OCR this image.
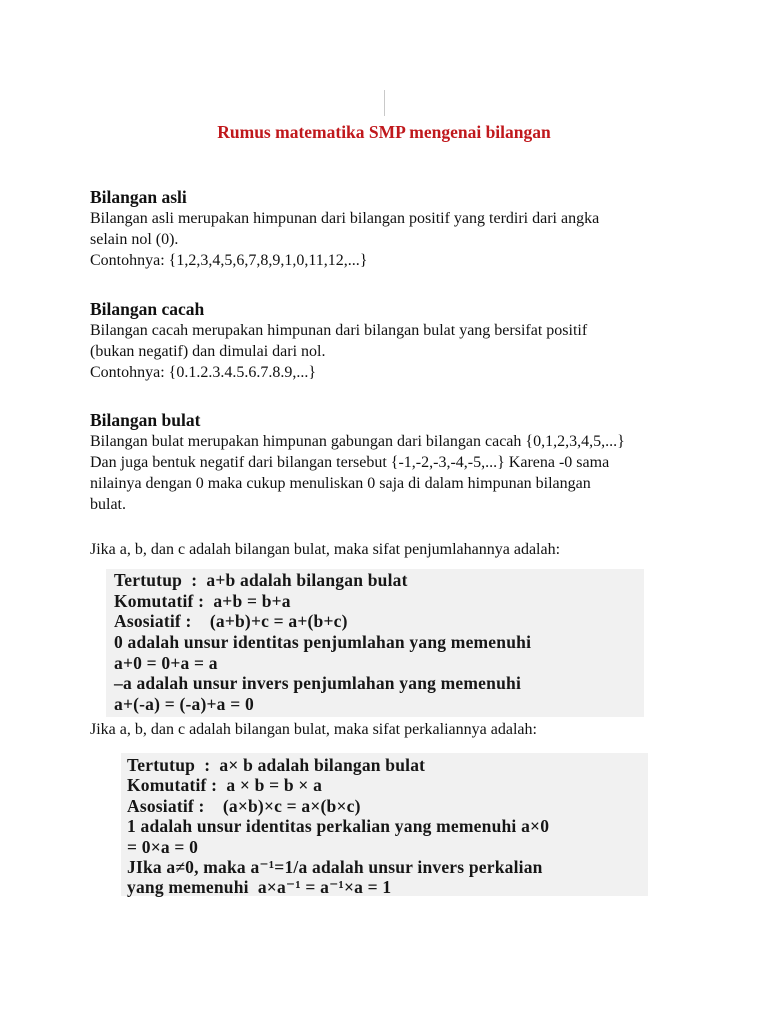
Rumus matematika SMP mengenai bilangan
Bilangan asli
Bilangan asli merupakan himpunan dari bilangan positif yang terdiri dari angka
selain nol (0).
Contohnya: {1,2,3,4,5,6,7,8,9,1,0,11,12,...}
Bilangan cacah
Bilangan cacah merupakan himpunan dari bilangan bulat yang bersifat positif
(bukan negatif) dan dimulai dari nol.
Contohnya: {0.1.2.3.4.5.6.7.8.9,...}
Bilangan bulat
Bilangan bulat merupakan himpunan gabungan dari bilangan cacah {0,1,2,3,4,5,...}
Dan juga bentuk negatif dari bilangan tersebut {-1,-2,-3,-4,-5,...} Karena -0 sama
nilainya dengan 0 maka cukup menuliskan 0 saja di dalam himpunan bilangan
bulat.
Jika a, b, dan c adalah bilangan bulat, maka sifat penjumlahannya adalah:
Tertutup  :  a+b adalah bilangan bulat
Komutatif :  a+b = b+a
Asosiatif :    (a+b)+c = a+(b+c)
0 adalah unsur identitas penjumlahan yang memenuhi
a+0 = 0+a = a
–a adalah unsur invers penjumlahan yang memenuhi
a+(-a) = (-a)+a = 0
Jika a, b, dan c adalah bilangan bulat, maka sifat perkaliannya adalah:
Tertutup  :  a× b adalah bilangan bulat
Komutatif :  a × b = b × a
Asosiatif :    (a×b)×c = a×(b×c)
1 adalah unsur identitas perkalian yang memenuhi a×0
= 0×a = 0
JIka a≠0, maka a⁻¹=1/a adalah unsur invers perkalian
yang memenuhi  a×a⁻¹ = a⁻¹×a = 1
